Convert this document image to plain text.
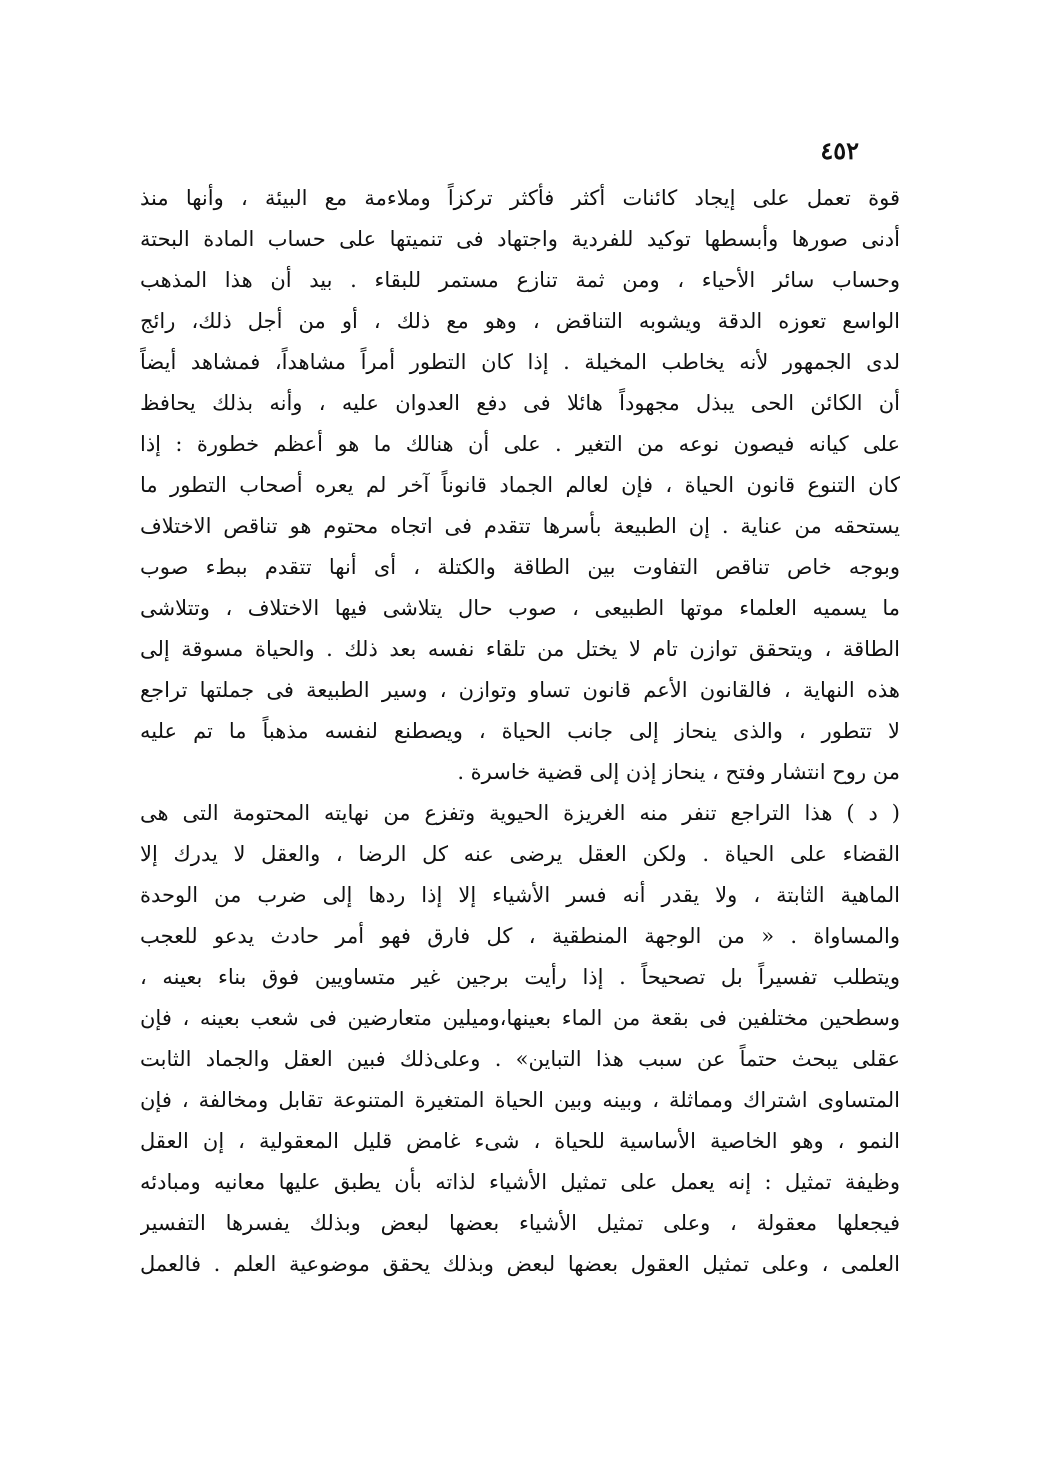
٤٥٢
قوة تعمل على إيجاد كائنات أكثر فأكثر تركزاً وملاءمة مع البيئة ، وأنها منذ
أدنى صورها وأبسطها توكيد للفردية واجتهاد فى تنميتها على حساب المادة البحتة
وحساب سائر الأحياء ، ومن ثمة تنازع مستمر للبقاء . بيد أن هذا المذهب
الواسع تعوزه الدقة ويشوبه التناقض ، وهو مع ذلك ، أو من أجل ذلك، رائج
لدى الجمهور لأنه يخاطب المخيلة . إذا كان التطور أمراً مشاهداً، فمشاهد أيضاً
أن الكائن الحى يبذل مجهوداً هائلا فى دفع العدوان عليه ، وأنه بذلك يحافظ
على كيانه فيصون نوعه من التغير . على أن هنالك ما هو أعظم خطورة : إذا
كان التنوع قانون الحياة ، فإن لعالم الجماد قانوناً آخر لم يعره أصحاب التطور ما
يستحقه من عناية . إن الطبيعة بأسرها تتقدم فى اتجاه محتوم هو تناقص الاختلاف
وبوجه خاص تناقص التفاوت بين الطاقة والكتلة ، أى أنها تتقدم ببطء صوب
ما يسميه العلماء موتها الطبيعى ، صوب حال يتلاشى فيها الاختلاف ، وتتلاشى
الطاقة ، ويتحقق توازن تام لا يختل من تلقاء نفسه بعد ذلك . والحياة مسوقة إلى
هذه النهاية ، فالقانون الأعم قانون تساو وتوازن ، وسير الطبيعة فى جملتها تراجع
لا تتطور ، والذى ينحاز إلى جانب الحياة ، ويصطنع لنفسه مذهباً ما تم عليه
من روح انتشار وفتح ، ينحاز إذن إلى قضية خاسرة .
( د ) هذا التراجع تنفر منه الغريزة الحيوية وتفزع من نهايته المحتومة التى هى
القضاء على الحياة . ولكن العقل يرضى عنه كل الرضا ، والعقل لا يدرك إلا
الماهية الثابتة ، ولا يقدر أنه فسر الأشياء إلا إذا ردها إلى ضرب من الوحدة
والمساواة . « من الوجهة المنطقية ، كل فارق فهو أمر حادث يدعو للعجب
ويتطلب تفسيراً بل تصحيحاً . إذا رأيت برجين غير متساويين فوق بناء بعينه ،
وسطحين مختلفين فى بقعة من الماء بعينها،وميلين متعارضين فى شعب بعينه ، فإن
عقلى يبحث حتماً عن سبب هذا التباين» . وعلى‌ذلك فبين العقل والجماد الثابت
المتساوى اشتراك ومماثلة ، وبينه وبين الحياة المتغيرة المتنوعة تقابل ومخالفة ، فإن
النمو ، وهو الخاصية الأساسية للحياة ، شىء غامض قليل المعقولية ، إن العقل
وظيفة تمثيل : إنه يعمل على تمثيل الأشياء لذاته بأن يطبق عليها معانيه ومبادئه
فيجعلها معقولة ، وعلى تمثيل الأشياء بعضها لبعض وبذلك يفسرها التفسير
العلمى ، وعلى تمثيل العقول بعضها لبعض وبذلك يحقق موضوعية العلم . فالعمل
